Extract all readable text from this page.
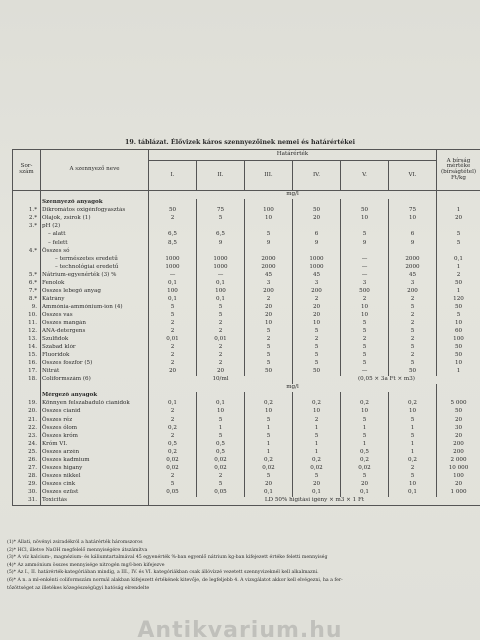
19. táblázat. Élővizek káros szennyezőinek nemei és határértékei
Sor-szám	A szennyező neve	Határérték						A bírság mértéke (bírságtétel) Ft/kg
		I.	II.	III.	IV.	V.	VI.	
		mg/l						
	Szennyező anyagok							
1.*	Dikromátos oxigénfogyasztás	50	75	100	50	50	75	1
2.*	Olajok, zsírok (1)	2	5	10	20	10	10	20
3.*	pH (2)							
	– alatt	6,5	6,5	5	6	5	6	5
	– felett	8,5	9	9	9	9	9	5
4.*	Összes só							
	– természetes eredetű	1000	1000	2000	1000	—	2000	0,1
	– technológiai eredetű	1000	1000	2000	1000	—	2000	1
5.*	Nátrium-egyenérték (3) %	—	—	45	45	—	45	2
6.*	Fenolok	0,1	0,1	3	3	3	3	50
7.*	Összes lebegő anyag	100	100	200	200	500	200	1
8.*	Kátrány	0,1	0,1	2	2	2	2	120
9.	Ammónia-ammónium-ion (4)	5	5	20	20	10	5	50
10.	Összes vas	5	5	20	20	10	2	5
11.	Összes mangán	2	2	10	10	5	2	10
12.	ANA-detergens	2	2	5	5	5	5	60
13.	Szulfidok	0,01	0,01	2	2	2	2	100
14.	Szabad klór	2	2	5	5	5	5	50
15.	Fluoridok	2	2	5	5	5	2	50
16.	Összes foszfor (5)	2	2	5	5	5	5	10
17.	Nitrát	20	20	50	50	—	50	1
18.	Coliformszám (6)	10/ml			(0,05 × 3a Ft × m3)			
		mg/l						
	Mérgező anyagok							
19.	Könnyen felszabaduló cianidok	0,1	0,1	0,2	0,2	0,2	0,2	5 000
20.	Összes cianid	2	10	10	10	10	10	50
21.	Összes réz	2	5	5	2	5	5	20
22.	Összes ólom	0,2	1	1	1	1	1	30
23.	Összes króm	2	5	5	5	5	5	20
24.	Króm VI.	0,5	0,5	1	1	1	1	200
25.	Összes arzén	0,2	0,5	1	1	0,5	1	200
26.	Összes kadmium	0,02	0,02	0,2	0,2	0,2	0,2	2 000
27.	Összes higany	0,02	0,02	0,02	0,02	0,02	2	10 000
28.	Összes nikkel	2	2	5	5	5	5	100
29.	Összes cink	5	5	20	20	20	10	20
30.	Összes ezüst	0,05	0,05	0,1	0,1	0,1	0,1	1 000
31.	Toxicitás	LD 50% higítási igény × m3 × 1 Ft						
(1)* Állati, növényi zsiradékról a határérték háromszoros
(2)* HCl, illetve NaOH megfelelő mennyiségére átszámítva
(3)* A víz kalcium-, magnézium- és káliumtartalmával 45 egyenérték %-ban egyenlő nátrium kg-ban kifejezett értéke feletti mennyiség
(4)* Az ammónium összes mennyisége nitrogén mg/l-ben kifejezve
(5)* Az I., II. határérték-kategóriában mindig, a III., IV. és VI. kategóriákban csak állóvízzé vezetett szennyvizeknél kell alkalmazni.
(6)* A n. a ml-enkénti coliformszám normál alakban kifejezett értékének kitevője, de legfeljebb 4. A vizsgálatot akkor kell elvégezni, ha a fer-
tőzöttséget az illetékes közegészségügyi hatóság elrendelte
Antikvarium.hu
